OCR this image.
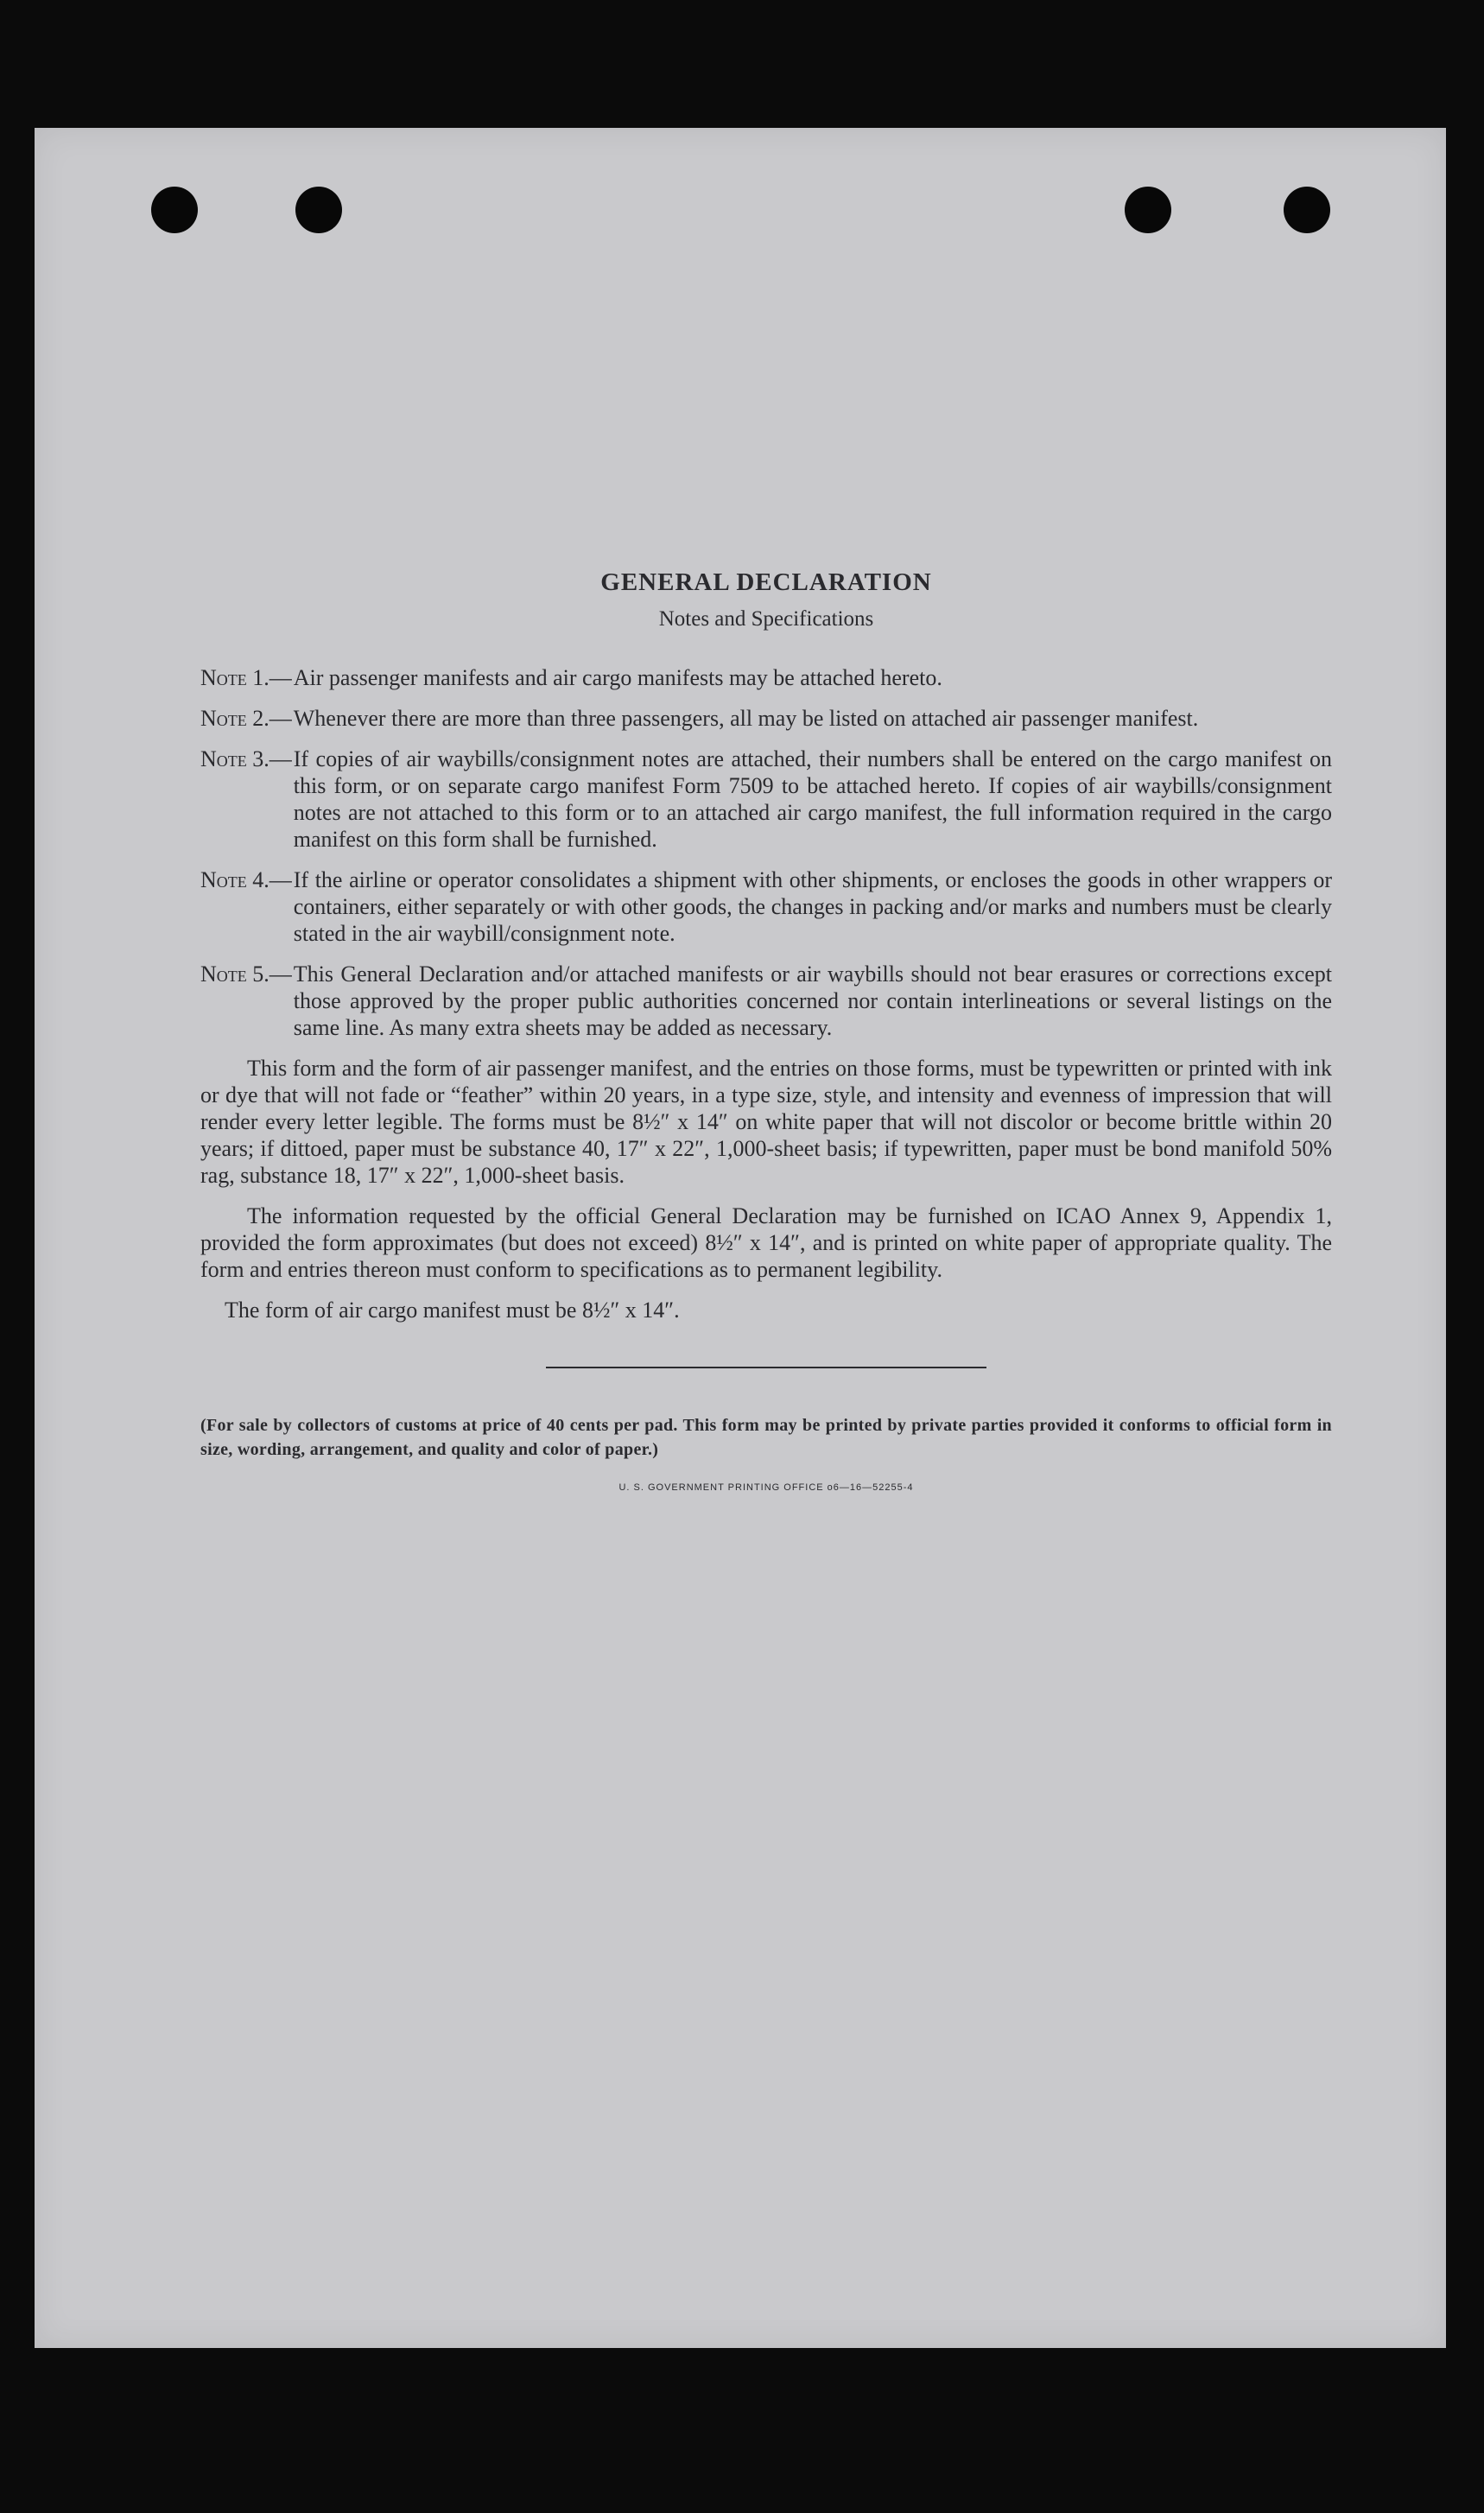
GENERAL DECLARATION

Notes and Specifications

Note 1.— Air passenger manifests and air cargo manifests may be attached hereto.
Note 2.— Whenever there are more than three passengers, all may be listed on attached air passenger manifest.
Note 3.— If copies of air waybills/consignment notes are attached, their numbers shall be entered on the cargo manifest on this form, or on separate cargo manifest Form 7509 to be attached hereto. If copies of air waybills/consignment notes are not attached to this form or to an attached air cargo manifest, the full information required in the cargo manifest on this form shall be furnished.
Note 4.— If the airline or operator consolidates a shipment with other shipments, or encloses the goods in other wrappers or containers, either separately or with other goods, the changes in packing and/or marks and numbers must be clearly stated in the air waybill/consignment note.
Note 5.— This General Declaration and/or attached manifests or air waybills should not bear erasures or corrections except those approved by the proper public authorities concerned nor contain interlineations or several listings on the same line. As many extra sheets may be added as necessary.

This form and the form of air passenger manifest, and the entries on those forms, must be typewritten or printed with ink or dye that will not fade or “feather” within 20 years, in a type size, style, and intensity and evenness of impression that will render every letter legible. The forms must be 8½″ x 14″ on white paper that will not discolor or become brittle within 20 years; if dittoed, paper must be substance 40, 17″ x 22″, 1,000-sheet basis; if typewritten, paper must be bond manifold 50% rag, substance 18, 17″ x 22″, 1,000-sheet basis.

The information requested by the official General Declaration may be furnished on ICAO Annex 9, Appendix 1, provided the form approximates (but does not exceed) 8½″ x 14″, and is printed on white paper of appropriate quality. The form and entries thereon must conform to specifications as to permanent legibility.

The form of air cargo manifest must be 8½″ x 14″.

(For sale by collectors of customs at price of 40 cents per pad. This form may be printed by private parties provided it conforms to official form in size, wording, arrangement, and quality and color of paper.)

U. S. GOVERNMENT PRINTING OFFICE o6—16—52255-4
